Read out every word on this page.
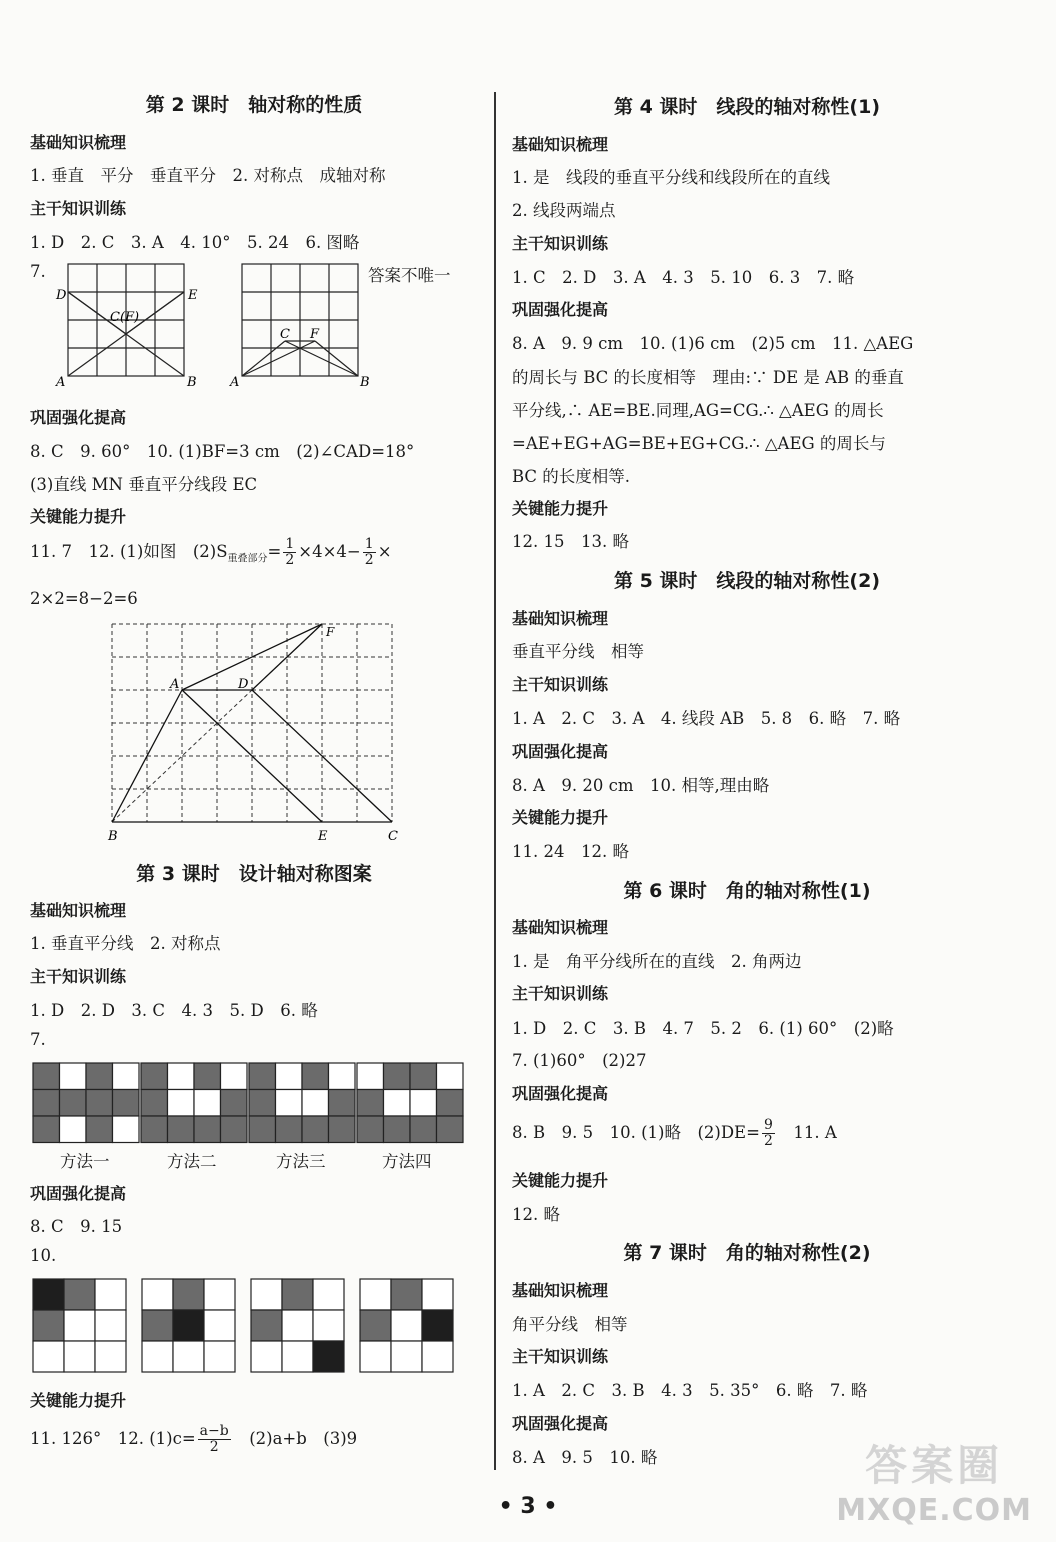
第 2 课时　轴对称的性质
基础知识梳理
1. 垂直　平分　垂直平分　2. 对称点　成轴对称
主干知识训练
1. D　2. C　3. A　4. 10°　5. 24　6. 图略
7.	答案不唯一
D	E
C(F)
A	B
C F
A	B
巩固强化提高
8. C　9. 60°　10. (1)BF=3 cm　(2)∠CAD=18°
(3)直线 MN 垂直平分线段 EC
关键能力提升
11. 7　12. (1)如图　$(2)S_{重叠部分}= \frac{1}{2} \times 4\times 4- \frac{1}{2}$ ×
2×2=8−2=6
A	D
F
B	E	C
第 3 课时　设计轴对称图案
基础知识梳理
1. 垂直平分线　2. 对称点
主干知识训练
1. D　2. D　3. C　4. 3　5. D　6. 略
7.
方法一	方法二	方法三	方法四
巩固强化提高
8. C　9. 15
10.
关键能力提升
11. 126°　12. $(1)c= \frac{a-b}{2}$ 　(2)a+b　(3)9
第 4 课时　线段的轴对称性(1)
基础知识梳理
1. 是　线段的垂直平分线和线段所在的直线
2. 线段两端点
主干知识训练
1. C　2. D　3. A　4. 3　5. 10　6. 3　7. 略
巩固强化提高
8. A　9. 9 cm　10. (1)6 cm　(2)5 cm　11. △AEG
的周长与 BC 的长度相等　理由:∵ DE 是 AB 的垂直
平分线,∴ AE=BE.同理,AG=CG.∴ △AEG 的周长
=AE+EG+AG=BE+EG+CG.∴ △AEG 的周长与
BC 的长度相等.
关键能力提升
12. 15　13. 略
第 5 课时　线段的轴对称性(2)
基础知识梳理
垂直平分线　相等
主干知识训练
1. A　2. C　3. A　4. 线段 AB　5. 8　6. 略　7. 略
巩固强化提高
8. A　9. 20 cm　10. 相等,理由略
关键能力提升
11. 24　12. 略
第 6 课时　角的轴对称性(1)
基础知识梳理
1. 是　角平分线所在的直线　2. 角两边
主干知识训练
1. D　2. C　3. B　4. 7　5. 2　6. (1) 60°　(2)略
7. (1)60°　(2)27
巩固强化提高
8. B　9. 5　10. (1)略　$(2)DE= \frac{9}{2}$ 　11. A
关键能力提升
12. 略
第 7 课时　角的轴对称性(2)
基础知识梳理
角平分线　相等
主干知识训练
1. A　2. C　3. B　4. 3　5. 35°　6. 略　7. 略
巩固强化提高
8. A　9. 5　10. 略
• 3 •
答案圈
MXQE.COM
